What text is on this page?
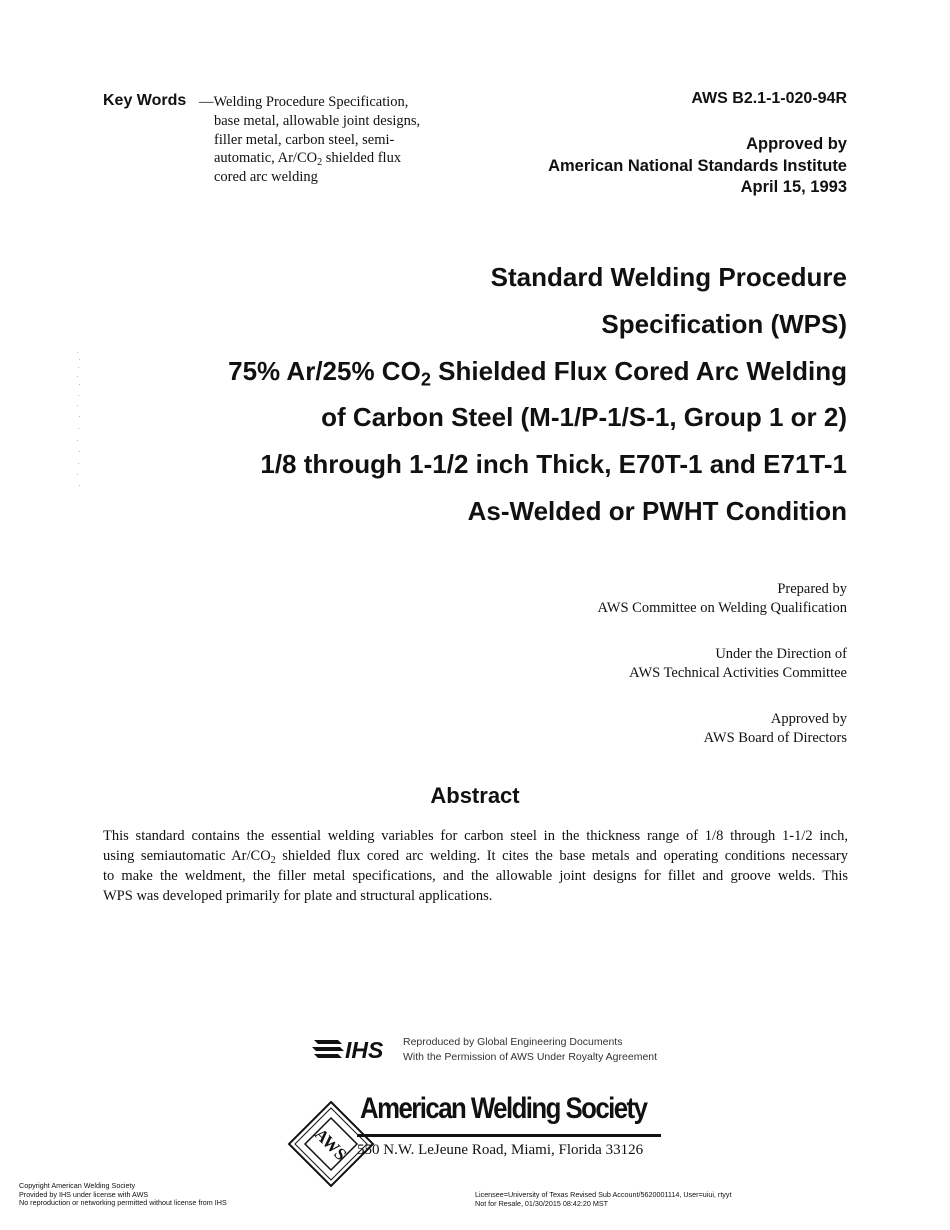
Key Words —Welding Procedure Specification,
base metal, allowable joint designs,
filler metal, carbon steel, semi-
automatic, $Ar/CO_2$ shielded flux
cored arc welding
AWS B2.1-1-020-94R
Approved by
American National Standards Institute
April 15, 1993
Standard Welding Procedure
Specification (WPS)
75% Ar/25% $CO_2$ Shielded Flux Cored Arc Welding
of Carbon Steel (M-1/P-1/S-1, Group 1 or 2)
1/8 through 1-1/2 inch Thick, E70T-1 and E71T-1
As-Welded or PWHT Condition
Prepared by
AWS Committee on Welding Qualification
Under the Direction of
AWS Technical Activities Committee
Approved by
AWS Board of Directors
Abstract
This standard contains the essential welding variables for carbon steel in the thickness range of 1/8 through 1-1/2 inch,
using semiautomatic $Ar/CO_2$ shielded flux cored arc welding. It cites the base metals and operating conditions necessary
to make the weldment, the filler metal specifications, and the allowable joint designs for fillet and groove welds. This
WPS was developed primarily for plate and structural applications.
IHS Reproduced by Global Engineering Documents
With the Permission of AWS Under Royalty Agreement
AWS
American Welding Society
550 N.W. LeJeune Road, Miami, Florida 33126
Copyright American Welding Society
Provided by IHS under license with AWS
No reproduction or networking permitted without license from IHS
Licensee=University of Texas Revised Sub Account/5620001114, User=uiui, rtyyt
Not for Resale, 01/30/2015 08:42:20 MST
